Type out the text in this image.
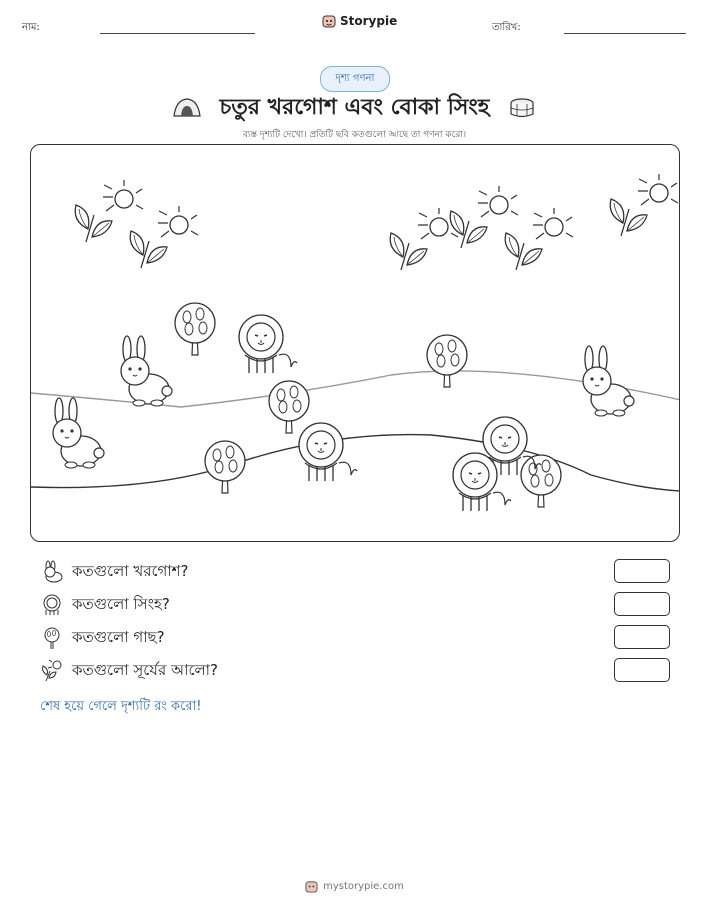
নাম:	Storypie	তারিখ:
দৃশ্য গণনা
চতুর খরগোশ এবং বোকা সিংহ
ব্যস্ত দৃশ্যটি দেখো। প্রতিটি ছবি কতগুলো আছে তা গণনা করো।
কতগুলো খরগোশ?
কতগুলো সিংহ?
কতগুলো গাছ?
কতগুলো সূর্যের আলো?
শেষ হয়ে গেলে দৃশ্যটি রং করো!
mystorypie.com
